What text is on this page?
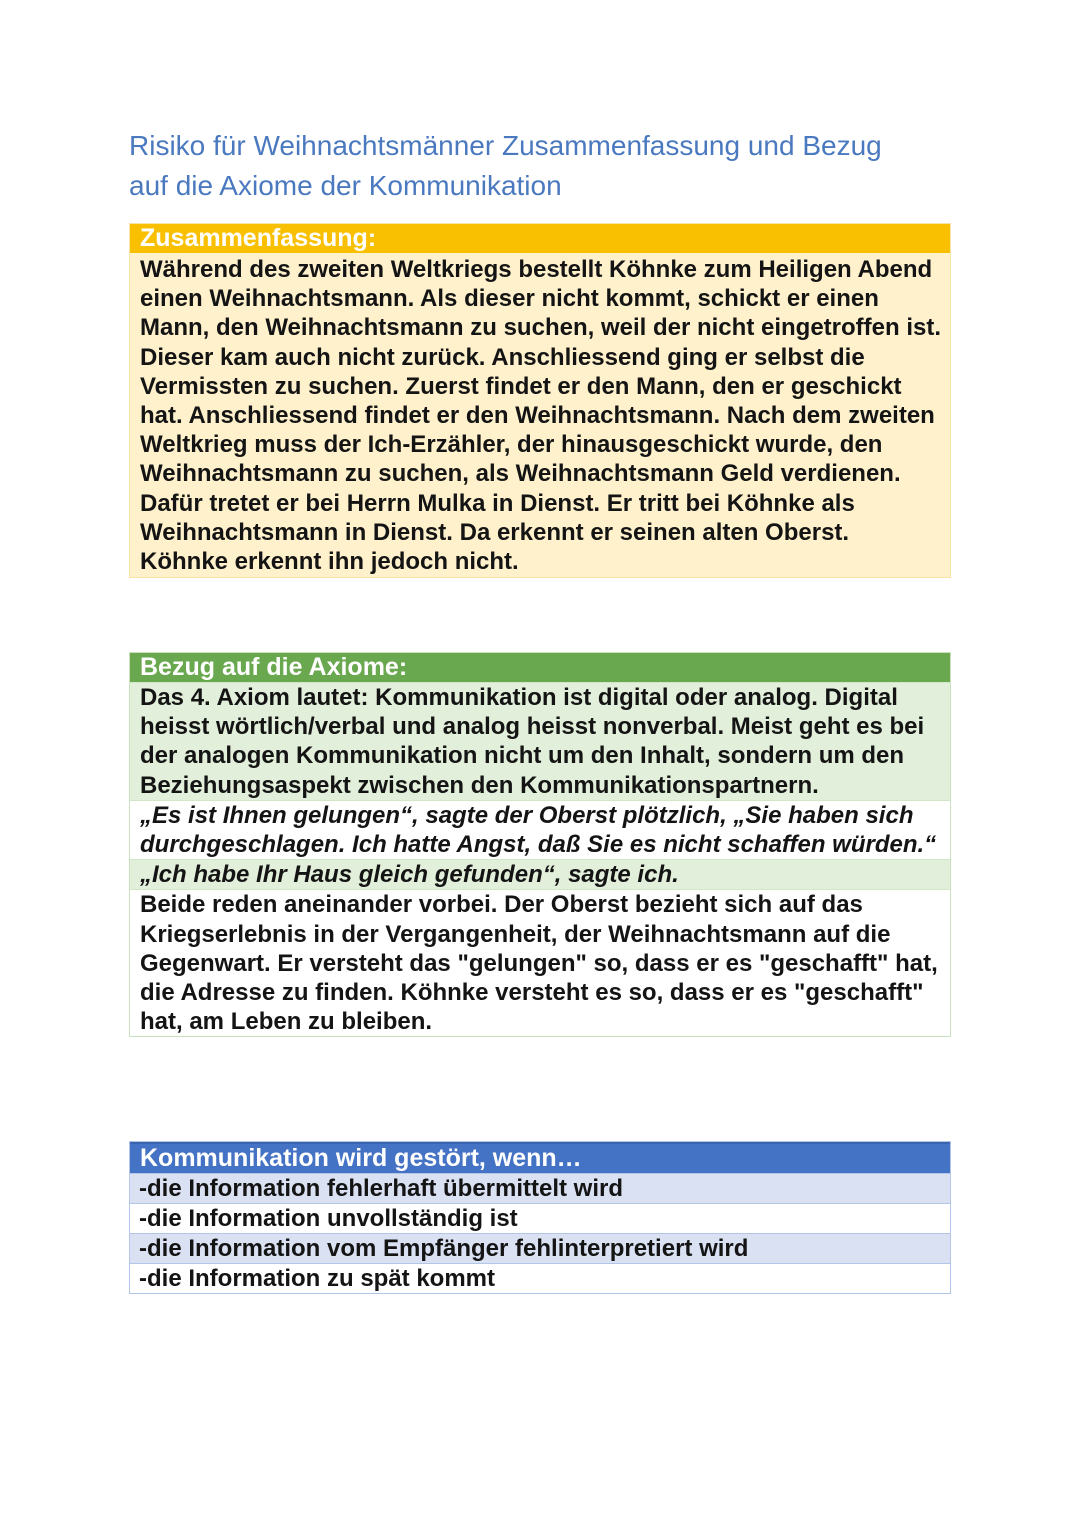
Risiko für Weihnachtsmänner Zusammenfassung und Bezug
auf die Axiome der Kommunikation
Zusammenfassung:
Während des zweiten Weltkriegs bestellt Köhnke zum Heiligen Abend einen Weihnachtsmann. Als dieser nicht kommt, schickt er einen Mann, den Weihnachtsmann zu suchen, weil der nicht eingetroffen ist. Dieser kam auch nicht zurück. Anschliessend ging er selbst die Vermissten zu suchen. Zuerst findet er den Mann, den er geschickt hat. Anschliessend findet er den Weihnachtsmann. Nach dem zweiten Weltkrieg muss der Ich-Erzähler, der hinausgeschickt wurde, den Weihnachtsmann zu suchen, als Weihnachtsmann Geld verdienen. Dafür tretet er bei Herrn Mulka in Dienst. Er tritt bei Köhnke als Weihnachtsmann in Dienst. Da erkennt er seinen alten Oberst. Köhnke erkennt ihn jedoch nicht.
Bezug auf die Axiome:
Das 4. Axiom lautet: Kommunikation ist digital oder analog. Digital heisst wörtlich/verbal und analog heisst nonverbal. Meist geht es bei der analogen Kommunikation nicht um den Inhalt, sondern um den Beziehungsaspekt zwischen den Kommunikationspartnern.
„Es ist Ihnen gelungen“, sagte der Oberst plötzlich, „Sie haben sich durchgeschlagen. Ich hatte Angst, daß Sie es nicht schaffen würden.“
„Ich habe Ihr Haus gleich gefunden“, sagte ich.
Beide reden aneinander vorbei. Der Oberst bezieht sich auf das Kriegserlebnis in der Vergangenheit, der Weihnachtsmann auf die Gegenwart. Er versteht das "gelungen" so, dass er es "geschafft" hat, die Adresse zu finden. Köhnke versteht es so, dass er es "geschafft" hat, am Leben zu bleiben.
Kommunikation wird gestört, wenn…
-die Information fehlerhaft übermittelt wird
-die Information unvollständig ist
-die Information vom Empfänger fehlinterpretiert wird
-die Information zu spät kommt
